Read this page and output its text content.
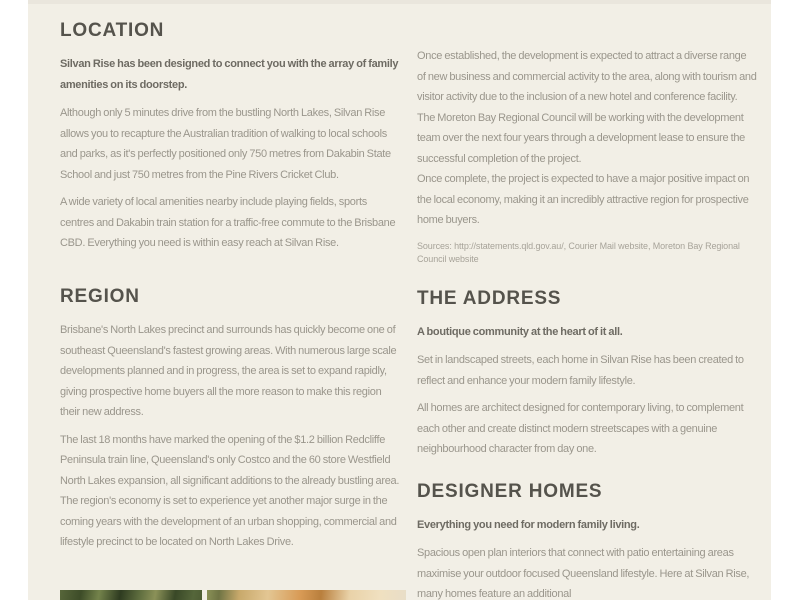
LOCATION

Silvan Rise has been designed to connect you with the array of family amenities on its doorstep.

Although only 5 minutes drive from the bustling North Lakes, Silvan Rise allows you to recapture the Australian tradition of walking to local schools and parks, as it's perfectly positioned only 750 metres from Dakabin State School and just 750 metres from the Pine Rivers Cricket Club.

A wide variety of local amenities nearby include playing fields, sports centres and Dakabin train station for a traffic-free commute to the Brisbane CBD. Everything you need is within easy reach at Silvan Rise.

REGION

Brisbane's North Lakes precinct and surrounds has quickly become one of southeast Queensland's fastest growing areas. With numerous large scale developments planned and in progress, the area is set to expand rapidly, giving prospective home buyers all the more reason to make this region their new address.

The last 18 months have marked the opening of the $1.2 billion Redcliffe Peninsula train line, Queensland's only Costco and the 60 store Westfield North Lakes expansion, all significant additions to the already bustling area. The region's economy is set to experience yet another major surge in the coming years with the development of an urban shopping, commercial and lifestyle precinct to be located on North Lakes Drive.

Once established, the development is expected to attract a diverse range of new business and commercial activity to the area, along with tourism and visitor activity due to the inclusion of a new hotel and conference facility. The Moreton Bay Regional Council will be working with the development team over the next four years through a development lease to ensure the successful completion of the project.

Once complete, the project is expected to have a major positive impact on the local economy, making it an incredibly attractive region for prospective home buyers.

Sources: http://statements.qld.gov.au/, Courier Mail website, Moreton Bay Regional Council website

THE ADDRESS

A boutique community at the heart of it all.

Set in landscaped streets, each home in Silvan Rise has been created to reflect and enhance your modern family lifestyle.

All homes are architect designed for contemporary living, to complement each other and create distinct modern streetscapes with a genuine neighbourhood character from day one.

DESIGNER HOMES

Everything you need for modern family living.

Spacious open plan interiors that connect with patio entertaining areas maximise your outdoor focused Queensland lifestyle. Here at Silvan Rise, many homes feature an additional
